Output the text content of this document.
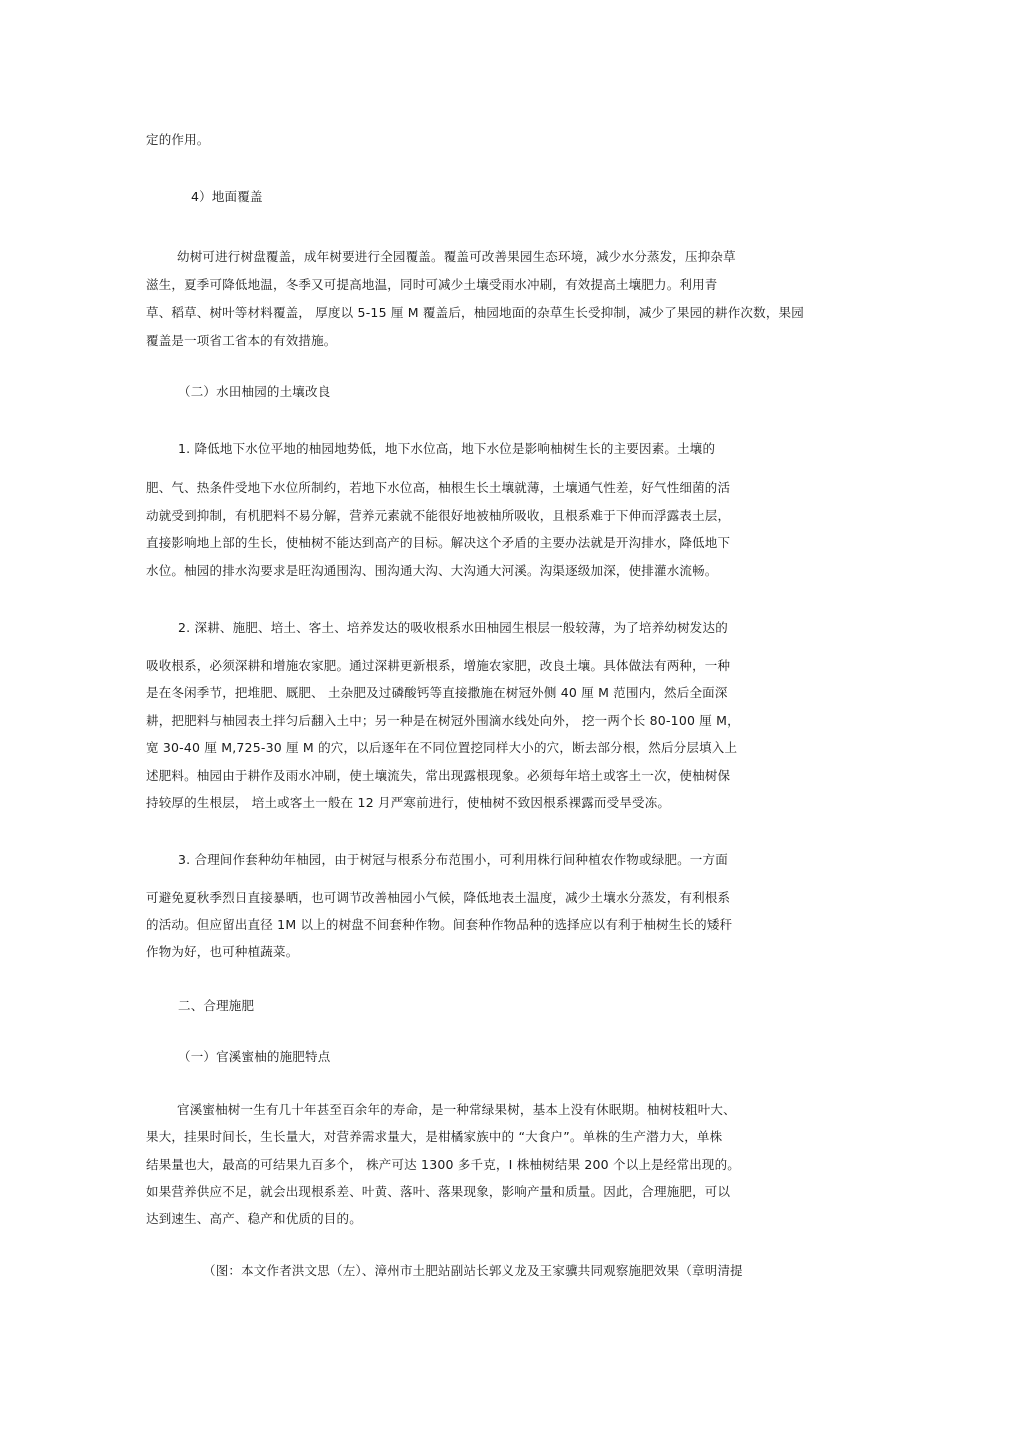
定的作用。
4）地面覆盖
幼树可进行树盘覆盖，成年树要进行全园覆盖。覆盖可改善果园生态环境，减少水分蒸发，压抑杂草
滋生，夏季可降低地温，冬季又可提高地温，同时可减少土壤受雨水冲刷，有效提高土壤肥力。利用青
草、稻草、树叶等材料覆盖， 厚度以 5-15 厘 M 覆盖后，柚园地面的杂草生长受抑制，减少了果园的耕作次数，果园
覆盖是一项省工省本的有效措施。
（二）水田柚园的土壤改良
1. 降低地下水位平地的柚园地势低，地下水位高，地下水位是影响柚树生长的主要因素。土壤的
肥、气、热条件受地下水位所制约，若地下水位高，柚根生长土壤就薄，土壤通气性差，好气性细菌的活
动就受到抑制，有机肥料不易分解，营养元素就不能很好地被柚所吸收，且根系难于下伸而浮露表土层，
直接影响地上部的生长，使柚树不能达到高产的目标。解决这个矛盾的主要办法就是开沟排水，降低地下
水位。柚园的排水沟要求是旺沟通围沟、围沟通大沟、大沟通大河溪。沟渠逐级加深，使排灌水流畅。
2. 深耕、施肥、培土、客土、培养发达的吸收根系水田柚园生根层一般较薄，为了培养幼树发达的
吸收根系，必须深耕和增施农家肥。通过深耕更新根系，增施农家肥，改良土壤。具体做法有两种，一种
是在冬闲季节，把堆肥、厩肥、 土杂肥及过磷酸钙等直接撒施在树冠外侧 40 厘 M 范围内，然后全面深
耕，把肥料与柚园表土拌匀后翻入土中；另一种是在树冠外围滴水线处向外， 挖一两个长 80-100 厘 M，
宽 30-40 厘 M,725-30 厘 M 的穴，以后逐年在不同位置挖同样大小的穴，断去部分根，然后分层填入上
述肥料。柚园由于耕作及雨水冲刷，使土壤流失，常出现露根现象。必须每年培土或客土一次，使柚树保
持较厚的生根层， 培土或客土一般在 12 月严寒前进行，使柚树不致因根系裸露而受旱受冻。
3. 合理间作套种幼年柚园，由于树冠与根系分布范围小，可利用株行间种植农作物或绿肥。一方面
可避免夏秋季烈日直接暴晒，也可调节改善柚园小气候，降低地表土温度，减少土壤水分蒸发，有利根系
的活动。但应留出直径 1M 以上的树盘不间套种作物。间套种作物品种的选择应以有利于柚树生长的矮秆
作物为好，也可种植蔬菜。
二、合理施肥
（一）官溪蜜柚的施肥特点
官溪蜜柚树一生有几十年甚至百余年的寿命，是一种常绿果树，基本上没有休眠期。柚树枝粗叶大、
果大，挂果时间长，生长量大，对营养需求量大，是柑橘家族中的 “大食户”。单株的生产潜力大，单株
结果量也大，最高的可结果九百多个， 株产可达 1300 多千克，I 株柚树结果 200 个以上是经常出现的。
如果营养供应不足，就会出现根系差、叶黄、落叶、落果现象，影响产量和质量。因此，合理施肥，可以
达到速生、高产、稳产和优质的目的。
（图：本文作者洪文思（左）、漳州市土肥站副站长郭义龙及王家骥共同观察施肥效果（章明清提
